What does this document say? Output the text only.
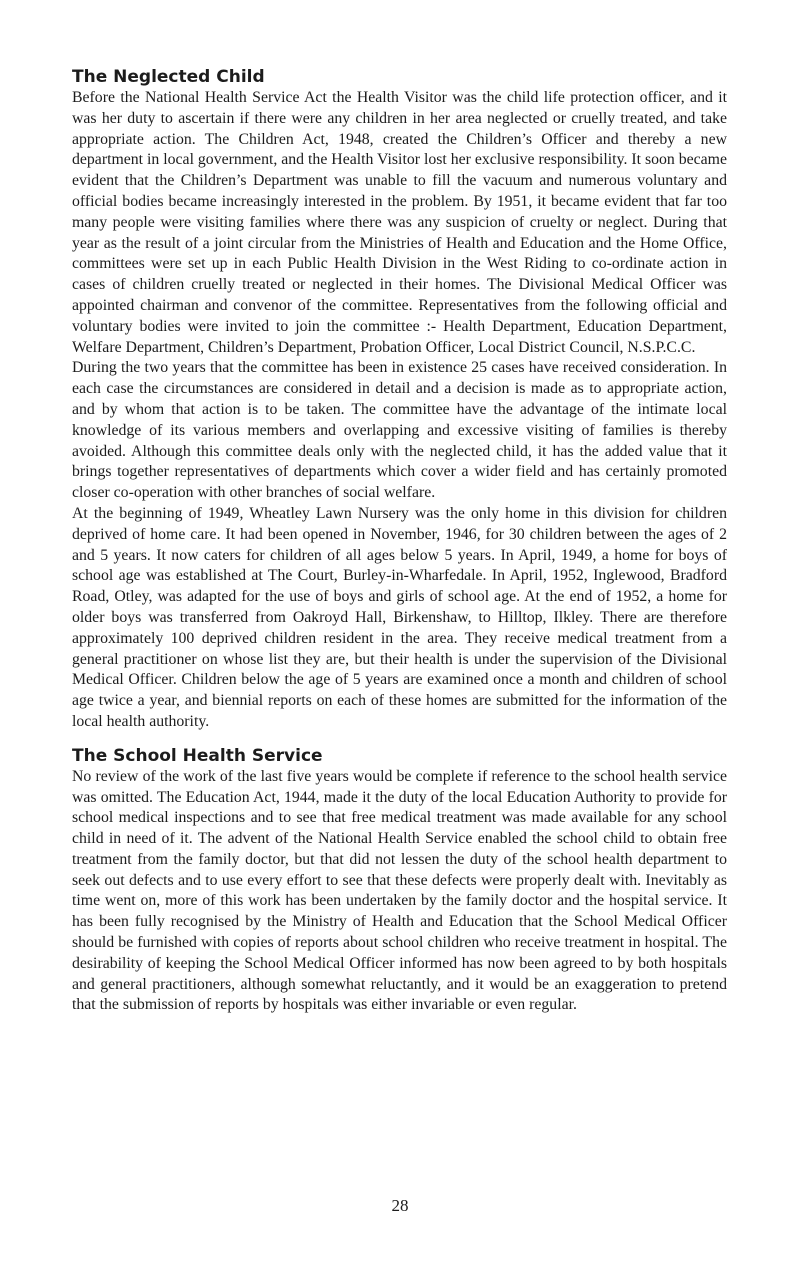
The Neglected Child

Before the National Health Service Act the Health Visitor was the child life protection officer, and it was her duty to ascertain if there were any children in her area neglected or cruelly treated, and take appropriate action. The Children Act, 1948, created the Children’s Officer and thereby a new department in local government, and the Health Visitor lost her exclusive responsibility. It soon became evident that the Children’s Department was unable to fill the vacuum and numerous voluntary and official bodies became increasingly interested in the problem. By 1951, it became evident that far too many people were visiting families where there was any suspicion of cruelty or neglect. During that year as the result of a joint circular from the Ministries of Health and Education and the Home Office, committees were set up in each Public Health Division in the West Riding to co-ordinate action in cases of children cruelly treated or neglected in their homes. The Divisional Medical Officer was appointed chairman and convenor of the committee. Representatives from the following official and voluntary bodies were invited to join the committee :- Health Department, Education Department, Welfare Department, Children’s Department, Probation Officer, Local District Council, N.S.P.C.C.

During the two years that the committee has been in existence 25 cases have received consideration. In each case the circumstances are considered in detail and a decision is made as to appropriate action, and by whom that action is to be taken. The committee have the advantage of the intimate local knowledge of its various members and overlapping and excessive visiting of families is thereby avoided. Although this committee deals only with the neglected child, it has the added value that it brings together representatives of departments which cover a wider field and has certainly promoted closer co-operation with other branches of social welfare.

At the beginning of 1949, Wheatley Lawn Nursery was the only home in this division for children deprived of home care. It had been opened in November, 1946, for 30 children between the ages of 2 and 5 years. It now caters for children of all ages below 5 years. In April, 1949, a home for boys of school age was established at The Court, Burley-in-Wharfedale. In April, 1952, Inglewood, Bradford Road, Otley, was adapted for the use of boys and girls of school age. At the end of 1952, a home for older boys was transferred from Oakroyd Hall, Birkenshaw, to Hilltop, Ilkley. There are therefore approximately 100 deprived children resident in the area. They receive medical treatment from a general practitioner on whose list they are, but their health is under the supervision of the Divisional Medical Officer. Children below the age of 5 years are examined once a month and children of school age twice a year, and biennial reports on each of these homes are submitted for the information of the local health authority.

The School Health Service

No review of the work of the last five years would be complete if reference to the school health service was omitted. The Education Act, 1944, made it the duty of the local Education Authority to provide for school medical inspections and to see that free medical treatment was made available for any school child in need of it. The advent of the National Health Service enabled the school child to obtain free treatment from the family doctor, but that did not lessen the duty of the school health department to seek out defects and to use every effort to see that these defects were properly dealt with. Inevitably as time went on, more of this work has been undertaken by the family doctor and the hospital service. It has been fully recognised by the Ministry of Health and Education that the School Medical Officer should be furnished with copies of reports about school children who receive treatment in hospital. The desirability of keeping the School Medical Officer informed has now been agreed to by both hospitals and general practitioners, although somewhat reluctantly, and it would be an exaggeration to pretend that the submission of reports by hospitals was either invariable or even regular.

28
